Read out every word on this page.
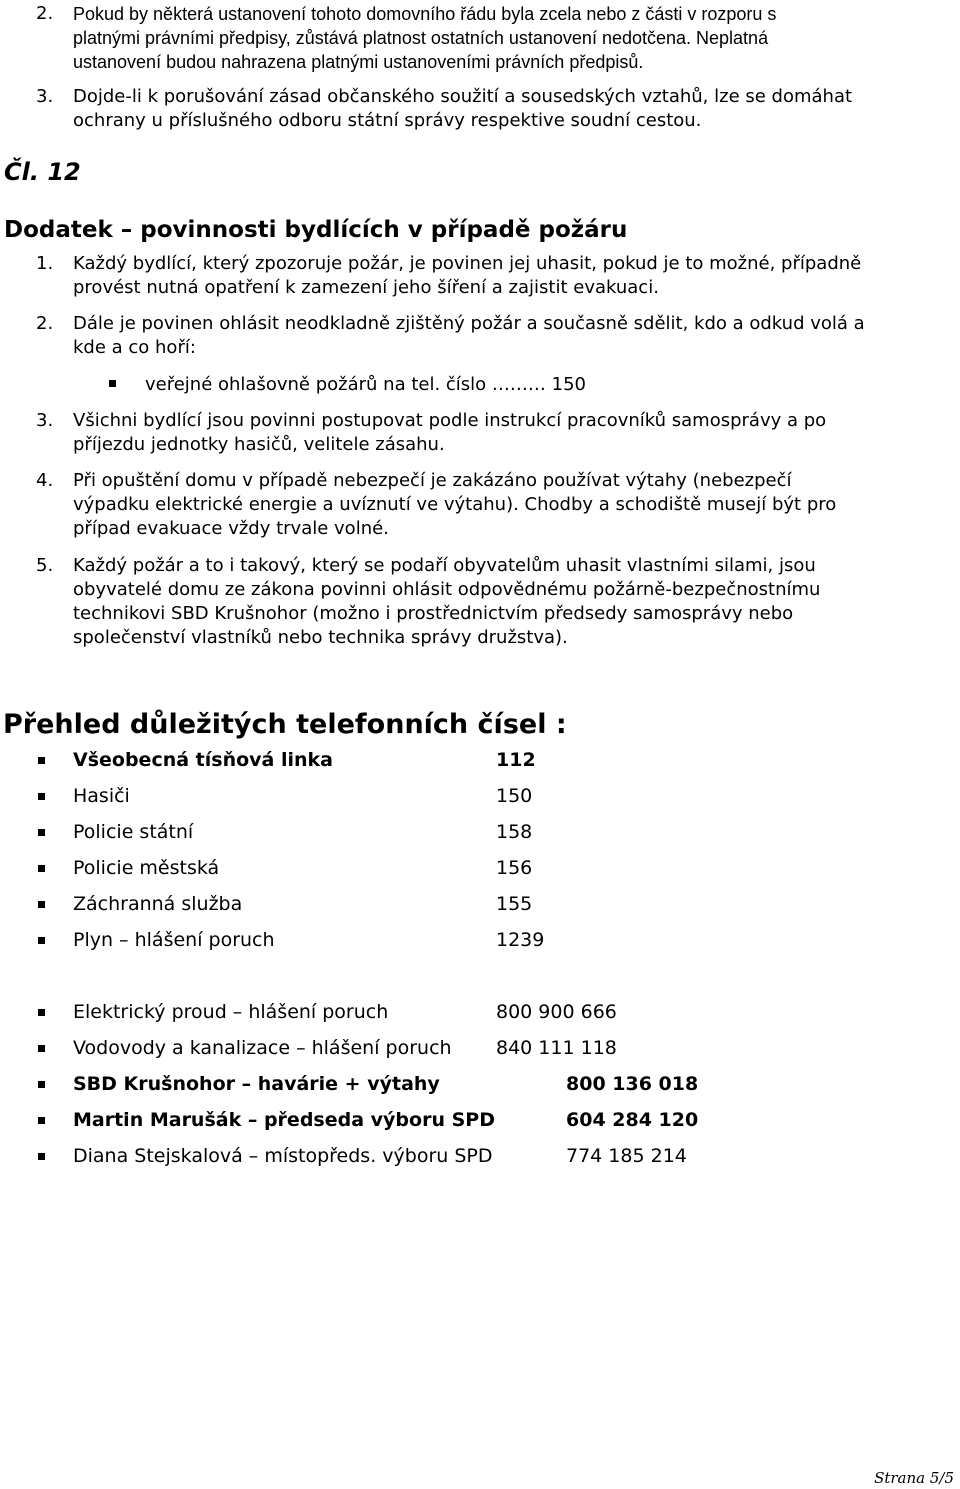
2.	Pokud by některá ustanovení tohoto domovního řádu byla zcela nebo z části v rozporu s
platnými právními předpisy, zůstává platnost ostatních ustanovení nedotčena. Neplatná
ustanovení budou nahrazena platnými ustanoveními právních předpisů.
3.	Dojde-li k porušování zásad občanského soužití a sousedských vztahů, lze se domáhat
ochrany u příslušného odboru státní správy respektive soudní cestou.
Čl. 12
Dodatek – povinnosti bydlících v případě požáru
1.	Každý bydlící, který zpozoruje požár, je povinen jej uhasit, pokud je to možné, případně
provést nutná opatření k zamezení jeho šíření a zajistit evakuaci.
2.	Dále je povinen ohlásit neodkladně zjištěný požár a současně sdělit, kdo a odkud volá a
kde a co hoří:
veřejné ohlašovně požárů na tel. číslo ……… 150
3.	Všichni bydlící jsou povinni postupovat podle instrukcí pracovníků samosprávy a po
příjezdu jednotky hasičů, velitele zásahu.
4.	Při opuštění domu v případě nebezpečí je zakázáno používat výtahy (nebezpečí
výpadku elektrické energie a uvíznutí ve výtahu). Chodby a schodiště musejí být pro
případ evakuace vždy trvale volné.
5.	Každý požár a to i takový, který se podaří obyvatelům uhasit vlastními silami, jsou
obyvatelé domu ze zákona povinni ohlásit odpovědnému požárně-bezpečnostnímu
technikovi SBD Krušnohor (možno i prostřednictvím předsedy samosprávy nebo
společenství vlastníků nebo technika správy družstva).
Přehled důležitých telefonních čísel :
Všeobecná tísňová linka	112
Hasiči	150
Policie státní	158
Policie městská	156
Záchranná služba	155
Plyn – hlášení poruch	1239
Elektrický proud – hlášení poruch	800 900 666
Vodovody a kanalizace – hlášení poruch 840 111 118
SBD Krušnohor – havárie + výtahy	800 136 018
Martin Marušák – předseda výboru SPD	604 284 120
Diana Stejskalová – místopředs. výboru SPD	774 185 214
Strana 5/5
